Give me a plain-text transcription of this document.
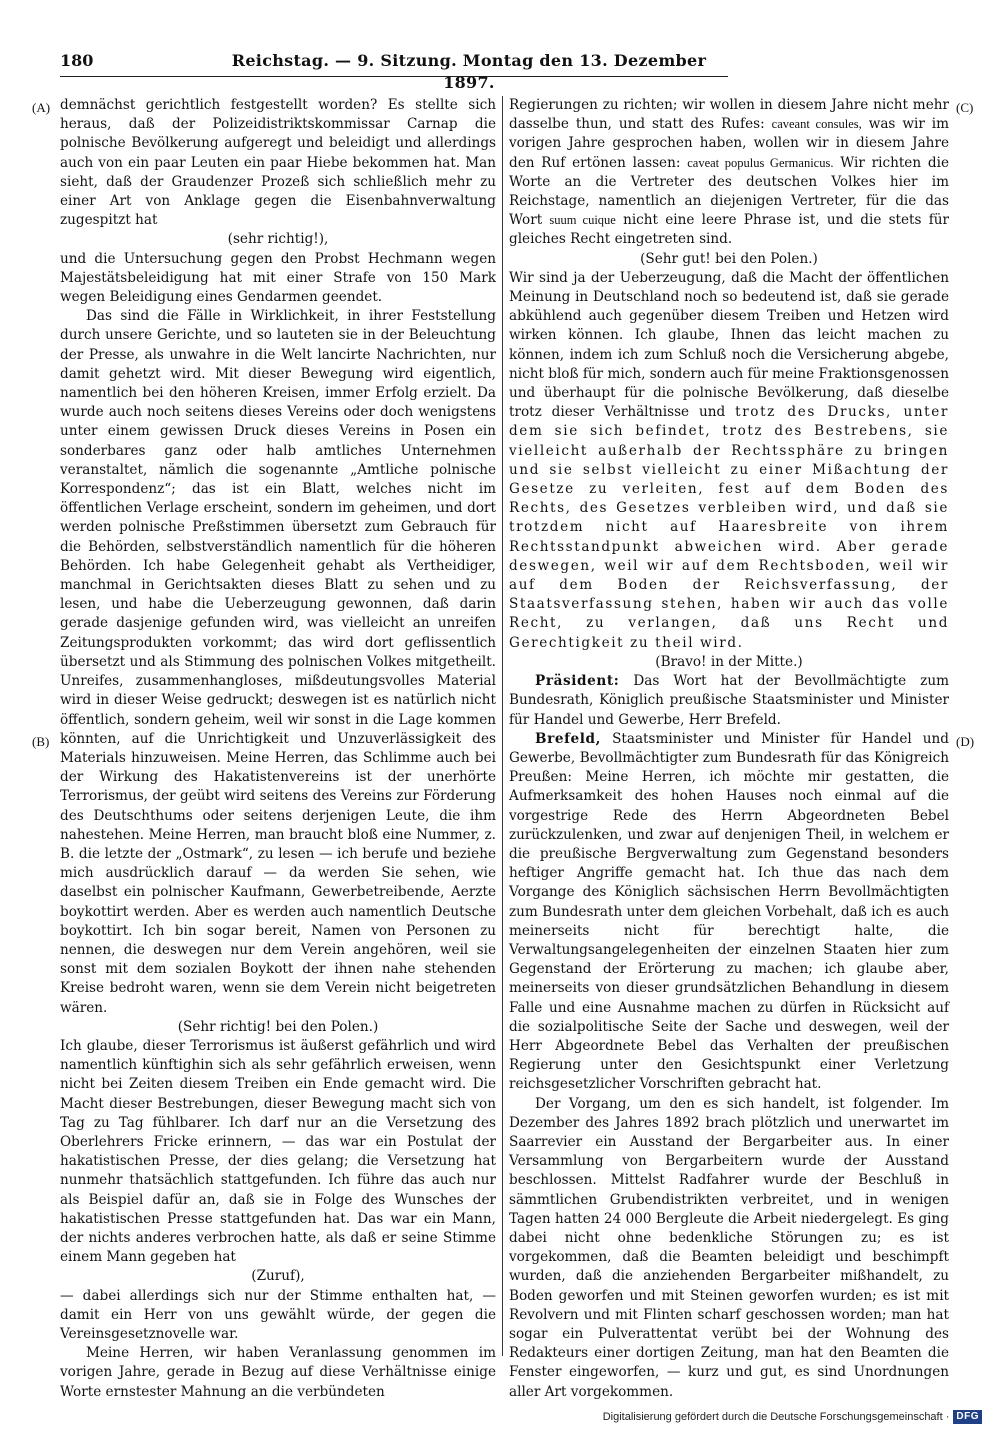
180	Reichstag. — 9. Sitzung. Montag den 13. Dezember 1897.
(A)
(B)
(C)
(D)

demnächst gerichtlich festgestellt worden? Es stellte sich heraus, daß der Polizeidistriktskommissar Carnap die polnische Bevölkerung aufgeregt und beleidigt und allerdings auch von ein paar Leuten ein paar Hiebe bekommen hat. Man sieht, daß der Graudenzer Prozeß sich schließlich mehr zu einer Art von Anklage gegen die Eisenbahnverwaltung zugespitzt hat

(sehr richtig!),

und die Untersuchung gegen den Probst Hechmann wegen Majestätsbeleidigung hat mit einer Strafe von 150 Mark wegen Beleidigung eines Gendarmen geendet.

Das sind die Fälle in Wirklichkeit, in ihrer Feststellung durch unsere Gerichte, und so lauteten sie in der Beleuchtung der Presse, als unwahre in die Welt lancirte Nachrichten, nur damit gehetzt wird. Mit dieser Bewegung wird eigentlich, namentlich bei den höheren Kreisen, immer Erfolg erzielt. Da wurde auch noch seitens dieses Vereins oder doch wenigstens unter einem gewissen Druck dieses Vereins in Posen ein sonderbares ganz oder halb amtliches Unternehmen veranstaltet, nämlich die sogenannte „Amtliche polnische Korrespondenz“; das ist ein Blatt, welches nicht im öffentlichen Verlage erscheint, sondern im geheimen, und dort werden polnische Preßstimmen übersetzt zum Gebrauch für die Behörden, selbstverständlich namentlich für die höheren Behörden. Ich habe Gelegenheit gehabt als Vertheidiger, manchmal in Gerichtsakten dieses Blatt zu sehen und zu lesen, und habe die Ueberzeugung gewonnen, daß darin gerade dasjenige gefunden wird, was vielleicht an unreifen Zeitungsprodukten vorkommt; das wird dort geflissentlich übersetzt und als Stimmung des polnischen Volkes mitgetheilt. Unreifes, zusammenhangloses, mißdeutungsvolles Material wird in dieser Weise gedruckt; deswegen ist es natürlich nicht öffentlich, sondern geheim, weil wir sonst in die Lage kommen könnten, auf die Unrichtigkeit und Unzuverlässigkeit des Materials hinzuweisen. Meine Herren, das Schlimme auch bei der Wirkung des Hakatistenvereins ist der unerhörte Terrorismus, der geübt wird seitens des Vereins zur Förderung des Deutschthums oder seitens derjenigen Leute, die ihm nahestehen. Meine Herren, man braucht bloß eine Nummer, z. B. die letzte der „Ostmark“, zu lesen — ich berufe und beziehe mich ausdrücklich darauf — da werden Sie sehen, wie daselbst ein polnischer Kaufmann, Gewerbetreibende, Aerzte boykottirt werden. Aber es werden auch namentlich Deutsche boykottirt. Ich bin sogar bereit, Namen von Personen zu nennen, die deswegen nur dem Verein angehören, weil sie sonst mit dem sozialen Boykott der ihnen nahe stehenden Kreise bedroht waren, wenn sie dem Verein nicht beigetreten wären.

(Sehr richtig! bei den Polen.)

Ich glaube, dieser Terrorismus ist äußerst gefährlich und wird namentlich künftighin sich als sehr gefährlich erweisen, wenn nicht bei Zeiten diesem Treiben ein Ende gemacht wird. Die Macht dieser Bestrebungen, dieser Bewegung macht sich von Tag zu Tag fühlbarer. Ich darf nur an die Versetzung des Oberlehrers Fricke erinnern, — das war ein Postulat der hakatistischen Presse, der dies gelang; die Versetzung hat nunmehr thatsächlich stattgefunden. Ich führe das auch nur als Beispiel dafür an, daß sie in Folge des Wunsches der hakatistischen Presse stattgefunden hat. Das war ein Mann, der nichts anderes verbrochen hatte, als daß er seine Stimme einem Mann gegeben hat

(Zuruf),

— dabei allerdings sich nur der Stimme enthalten hat, — damit ein Herr von uns gewählt würde, der gegen die Vereinsgesetznovelle war.

Meine Herren, wir haben Veranlassung genommen im vorigen Jahre, gerade in Bezug auf diese Verhältnisse einige Worte ernstester Mahnung an die verbündeten

Regierungen zu richten; wir wollen in diesem Jahre nicht mehr dasselbe thun, und statt des Rufes: caveant consules, was wir im vorigen Jahre gesprochen haben, wollen wir in diesem Jahre den Ruf ertönen lassen: caveat populus Germanicus. Wir richten die Worte an die Vertreter des deutschen Volkes hier im Reichstage, namentlich an diejenigen Vertreter, für die das Wort suum cuique nicht eine leere Phrase ist, und die stets für gleiches Recht eingetreten sind.

(Sehr gut! bei den Polen.)

Wir sind ja der Ueberzeugung, daß die Macht der öffentlichen Meinung in Deutschland noch so bedeutend ist, daß sie gerade abkühlend auch gegenüber diesem Treiben und Hetzen wird wirken können. Ich glaube, Ihnen das leicht machen zu können, indem ich zum Schluß noch die Versicherung abgebe, nicht bloß für mich, sondern auch für meine Fraktionsgenossen und überhaupt für die polnische Bevölkerung, daß dieselbe trotz dieser Verhältnisse und trotz des Drucks, unter dem sie sich befindet, trotz des Bestrebens, sie vielleicht außerhalb der Rechtssphäre zu bringen und sie selbst vielleicht zu einer Mißachtung der Gesetze zu verleiten, fest auf dem Boden des Rechts, des Gesetzes verbleiben wird, und daß sie trotzdem nicht auf Haaresbreite von ihrem Rechtsstandpunkt abweichen wird. Aber gerade deswegen, weil wir auf dem Rechtsboden, weil wir auf dem Boden der Reichsverfassung, der Staatsverfassung stehen, haben wir auch das volle Recht, zu verlangen, daß uns Recht und Gerechtigkeit zu theil wird.

(Bravo! in der Mitte.)

Präsident: Das Wort hat der Bevollmächtigte zum Bundesrath, Königlich preußische Staatsminister und Minister für Handel und Gewerbe, Herr Brefeld.

Brefeld, Staatsminister und Minister für Handel und Gewerbe, Bevollmächtigter zum Bundesrath für das Königreich Preußen: Meine Herren, ich möchte mir gestatten, die Aufmerksamkeit des hohen Hauses noch einmal auf die vorgestrige Rede des Herrn Abgeordneten Bebel zurückzulenken, und zwar auf denjenigen Theil, in welchem er die preußische Bergverwaltung zum Gegenstand besonders heftiger Angriffe gemacht hat. Ich thue das nach dem Vorgange des Königlich sächsischen Herrn Bevollmächtigten zum Bundesrath unter dem gleichen Vorbehalt, daß ich es auch meinerseits nicht für berechtigt halte, die Verwaltungsangelegenheiten der einzelnen Staaten hier zum Gegenstand der Erörterung zu machen; ich glaube aber, meinerseits von dieser grundsätzlichen Behandlung in diesem Falle und eine Ausnahme machen zu dürfen in Rücksicht auf die sozialpolitische Seite der Sache und deswegen, weil der Herr Abgeordnete Bebel das Verhalten der preußischen Regierung unter den Gesichtspunkt einer Verletzung reichsgesetzlicher Vorschriften gebracht hat.

Der Vorgang, um den es sich handelt, ist folgender. Im Dezember des Jahres 1892 brach plötzlich und unerwartet im Saarrevier ein Ausstand der Bergarbeiter aus. In einer Versammlung von Bergarbeitern wurde der Ausstand beschlossen. Mittelst Radfahrer wurde der Beschluß in sämmtlichen Grubendistrikten verbreitet, und in wenigen Tagen hatten 24 000 Bergleute die Arbeit niedergelegt. Es ging dabei nicht ohne bedenkliche Störungen zu; es ist vorgekommen, daß die Beamten beleidigt und beschimpft wurden, daß die anziehenden Bergarbeiter mißhandelt, zu Boden geworfen und mit Steinen geworfen wurden; es ist mit Revolvern und mit Flinten scharf geschossen worden; man hat sogar ein Pulverattentat verübt bei der Wohnung des Redakteurs einer dortigen Zeitung, man hat den Beamten die Fenster eingeworfen, — kurz und gut, es sind Unordnungen aller Art vorgekommen.

Digitalisierung gefördert durch die Deutsche Forschungsgemeinschaft · DFG
